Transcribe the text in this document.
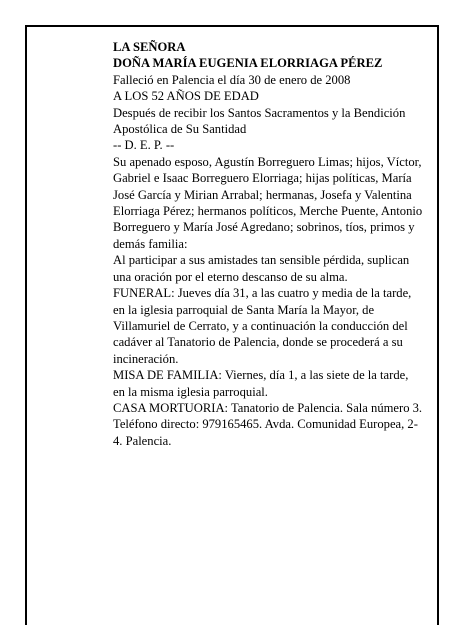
LA SEÑORA

DOÑA MARÍA EUGENIA ELORRIAGA PÉREZ

Falleció en Palencia el día 30 de enero de 2008

A LOS 52 AÑOS DE EDAD

Después de recibir los Santos Sacramentos y la Bendición Apostólica de Su Santidad

-- D. E. P. --

Su apenado esposo, Agustín Borreguero Limas; hijos, Víctor, Gabriel e Isaac Borreguero Elorriaga; hijas políticas, María José García y Mirian Arrabal; hermanas, Josefa y Valentina Elorriaga Pérez; hermanos políticos, Merche Puente, Antonio Borreguero y María José Agredano; sobrinos, tíos, primos y demás familia:

Al participar a sus amistades tan sensible pérdida, suplican una oración por el eterno descanso de su alma.

FUNERAL: Jueves día 31, a las cuatro y media de la tarde, en la iglesia parroquial de Santa María la Mayor, de Villamuriel de Cerrato, y a continuación la conducción del cadáver al Tanatorio de Palencia, donde se procederá a su incineración.

MISA DE FAMILIA: Viernes, día 1, a las siete de la tarde, en la misma iglesia parroquial.

CASA MORTUORIA: Tanatorio de Palencia. Sala número 3. Teléfono directo: 979165465. Avda. Comunidad Europea, 2-4. Palencia.
